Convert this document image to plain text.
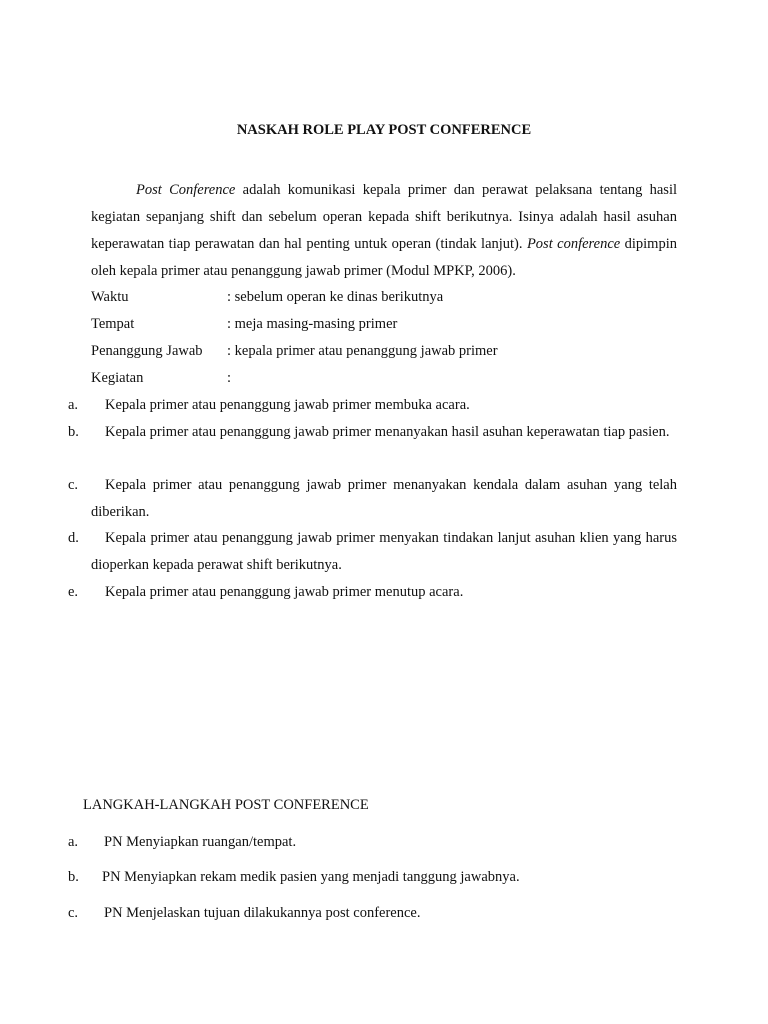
NASKAH ROLE PLAY POST CONFERENCE

Post Conference adalah komunikasi kepala primer dan perawat pelaksana tentang hasil kegiatan sepanjang shift dan sebelum operan kepada shift berikutnya. Isinya adalah hasil asuhan keperawatan tiap perawatan dan hal penting untuk operan (tindak lanjut). Post conference dipimpin oleh kepala primer atau penanggung jawab primer (Modul MPKP, 2006).

Waktu	: sebelum operan ke dinas berikutnya
Tempat	: meja masing-masing primer
Penanggung Jawab: kepala primer atau penanggung jawab primer
Kegiatan	:
a.	Kepala primer atau penanggung jawab primer membuka acara.
b.	Kepala primer atau penanggung jawab primer menanyakan hasil asuhan keperawatan tiap pasien.
c.	Kepala primer atau penanggung jawab primer menanyakan kendala dalam asuhan yang telah diberikan.
d.	Kepala primer atau penanggung jawab primer menyakan tindakan lanjut asuhan klien yang harus dioperkan kepada perawat shift berikutnya.
e.	Kepala primer atau penanggung jawab primer menutup acara.
LANGKAH-LANGKAH POST CONFERENCE
a. PN Menyiapkan ruangan/tempat.
b. PN Menyiapkan rekam medik pasien yang menjadi tanggung jawabnya.
c. PN Menjelaskan tujuan dilakukannya post conference.
